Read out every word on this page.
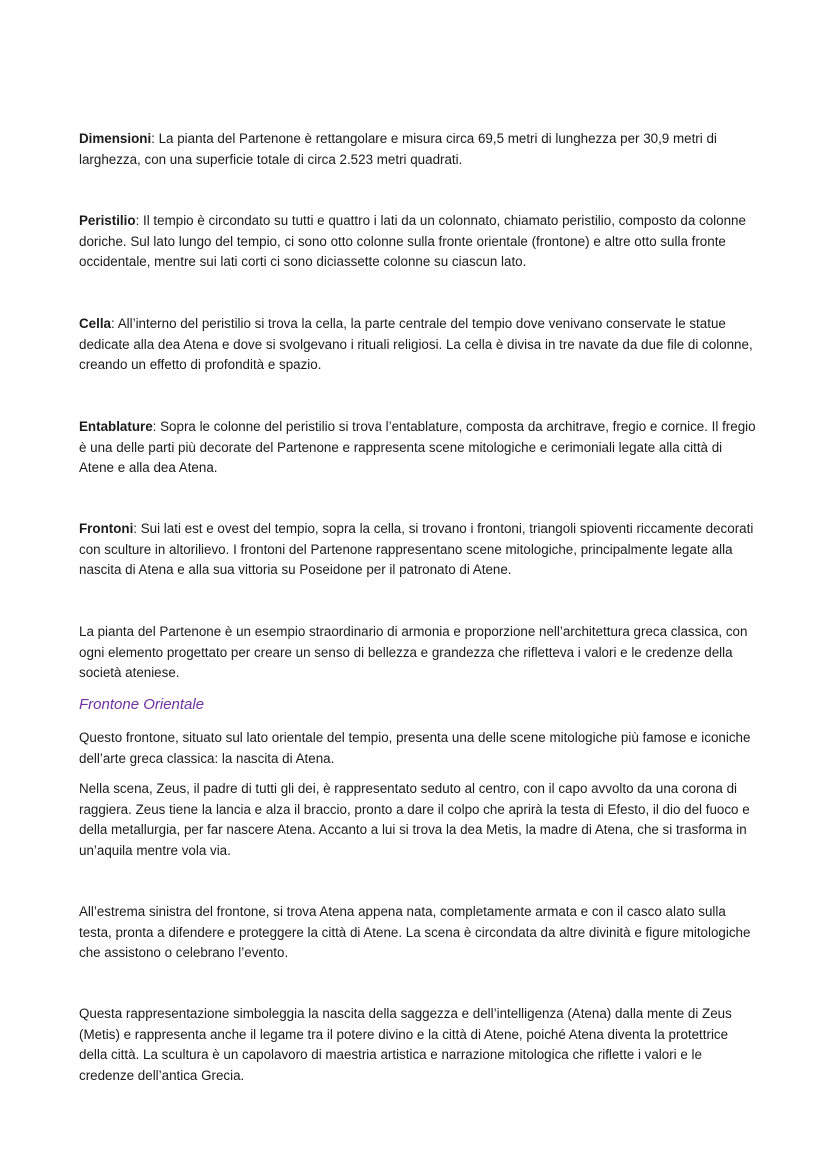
Dimensioni: La pianta del Partenone è rettangolare e misura circa 69,5 metri di lunghezza per 30,9 metri di larghezza, con una superficie totale di circa 2.523 metri quadrati.

Peristilio: Il tempio è circondato su tutti e quattro i lati da un colonnato, chiamato peristilio, composto da colonne doriche. Sul lato lungo del tempio, ci sono otto colonne sulla fronte orientale (frontone) e altre otto sulla fronte occidentale, mentre sui lati corti ci sono diciassette colonne su ciascun lato.

Cella: All’interno del peristilio si trova la cella, la parte centrale del tempio dove venivano conservate le statue dedicate alla dea Atena e dove si svolgevano i rituali religiosi. La cella è divisa in tre navate da due file di colonne, creando un effetto di profondità e spazio.

Entablature: Sopra le colonne del peristilio si trova l’entablature, composta da architrave, fregio e cornice. Il fregio è una delle parti più decorate del Partenone e rappresenta scene mitologiche e cerimoniali legate alla città di Atene e alla dea Atena.

Frontoni: Sui lati est e ovest del tempio, sopra la cella, si trovano i frontoni, triangoli spioventi riccamente decorati con sculture in altorilievo. I frontoni del Partenone rappresentano scene mitologiche, principalmente legate alla nascita di Atena e alla sua vittoria su Poseidone per il patronato di Atene.

La pianta del Partenone è un esempio straordinario di armonia e proporzione nell’architettura greca classica, con ogni elemento progettato per creare un senso di bellezza e grandezza che rifletteva i valori e le credenze della società ateniese.

Frontone Orientale

Questo frontone, situato sul lato orientale del tempio, presenta una delle scene mitologiche più famose e iconiche dell’arte greca classica: la nascita di Atena.

Nella scena, Zeus, il padre di tutti gli dei, è rappresentato seduto al centro, con il capo avvolto da una corona di raggiera. Zeus tiene la lancia e alza il braccio, pronto a dare il colpo che aprirà la testa di Efesto, il dio del fuoco e della metallurgia, per far nascere Atena. Accanto a lui si trova la dea Metis, la madre di Atena, che si trasforma in un’aquila mentre vola via.

All’estrema sinistra del frontone, si trova Atena appena nata, completamente armata e con il casco alato sulla testa, pronta a difendere e proteggere la città di Atene. La scena è circondata da altre divinità e figure mitologiche che assistono o celebrano l’evento.

Questa rappresentazione simboleggia la nascita della saggezza e dell’intelligenza (Atena) dalla mente di Zeus (Metis) e rappresenta anche il legame tra il potere divino e la città di Atene, poiché Atena diventa la protettrice della città. La scultura è un capolavoro di maestria artistica e narrazione mitologica che riflette i valori e le credenze dell’antica Grecia.
